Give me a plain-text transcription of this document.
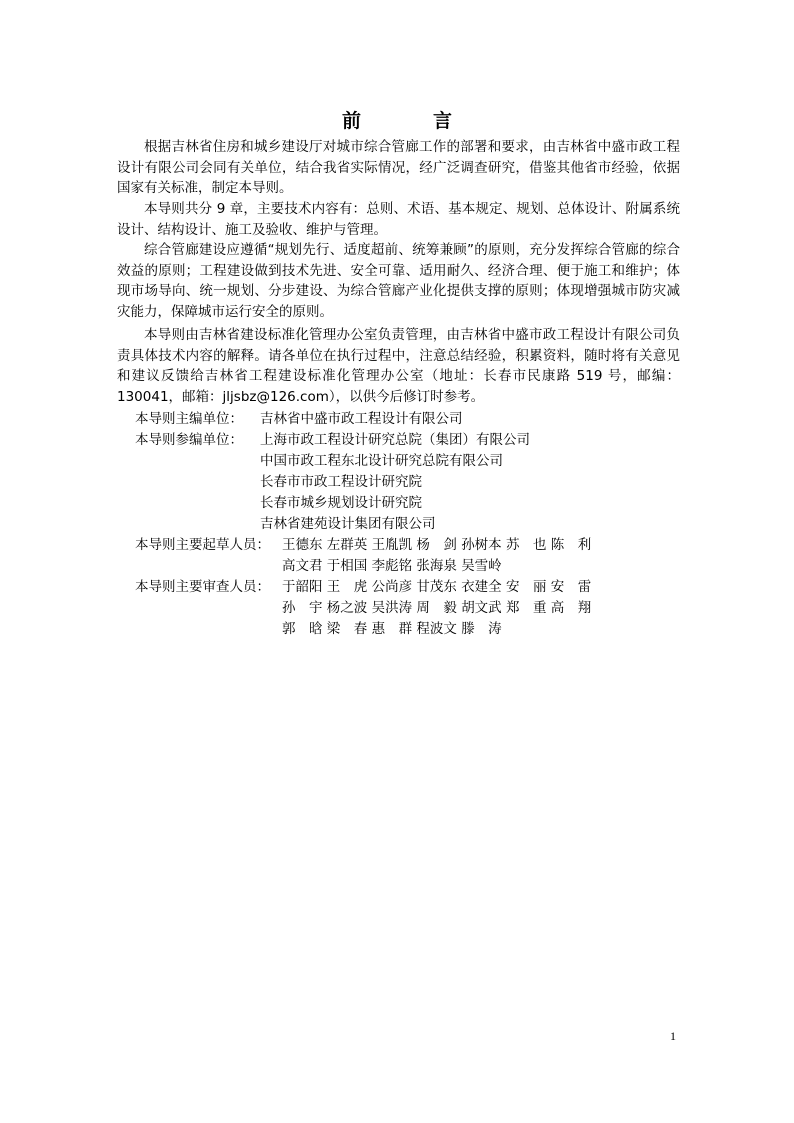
前	言

根据吉林省住房和城乡建设厅对城市综合管廊工作的部署和要求，由吉林省中盛市政工程设计有限公司会同有关单位，结合我省实际情况，经广泛调查研究，借鉴其他省市经验，依据国家有关标准，制定本导则。

本导则共分 9 章，主要技术内容有：总则、术语、基本规定、规划、总体设计、附属系统设计、结构设计、施工及验收、维护与管理。

综合管廊建设应遵循“规划先行、适度超前、统筹兼顾”的原则，充分发挥综合管廊的综合效益的原则；工程建设做到技术先进、安全可靠、适用耐久、经济合理、便于施工和维护；体现市场导向、统一规划、分步建设、为综合管廊产业化提供支撑的原则；体现增强城市防灾减灾能力，保障城市运行安全的原则。

本导则由吉林省建设标准化管理办公室负责管理，由吉林省中盛市政工程设计有限公司负责具体技术内容的解释。请各单位在执行过程中，注意总结经验，积累资料，随时将有关意见和建议反馈给吉林省工程建设标准化管理办公室（地址：长春市民康路 519 号，邮编：130041，邮箱：jljsbz@126.com），以供今后修订时参考。

本导则主编单位： 吉林省中盛市政工程设计有限公司
本导则参编单位： 上海市政工程设计研究总院（集团）有限公司
中国市政工程东北设计研究总院有限公司
长春市市政工程设计研究院
长春市城乡规划设计研究院
吉林省建苑设计集团有限公司
本导则主要起草人员： 王德东 左群英 王胤凯 杨　剑 孙树本 苏　也 陈　利
高文君 于相国 李彪铭 张海泉 吴雪岭
本导则主要审查人员： 于韶阳 王　虎 公尚彦 甘茂东 衣建全 安　丽 安　雷
孙　宇 杨之波 吴洪涛 周　毅 胡文武 郑　重 高　翔
郭　晗 梁　春 惠　群 程波文 滕　涛
1
